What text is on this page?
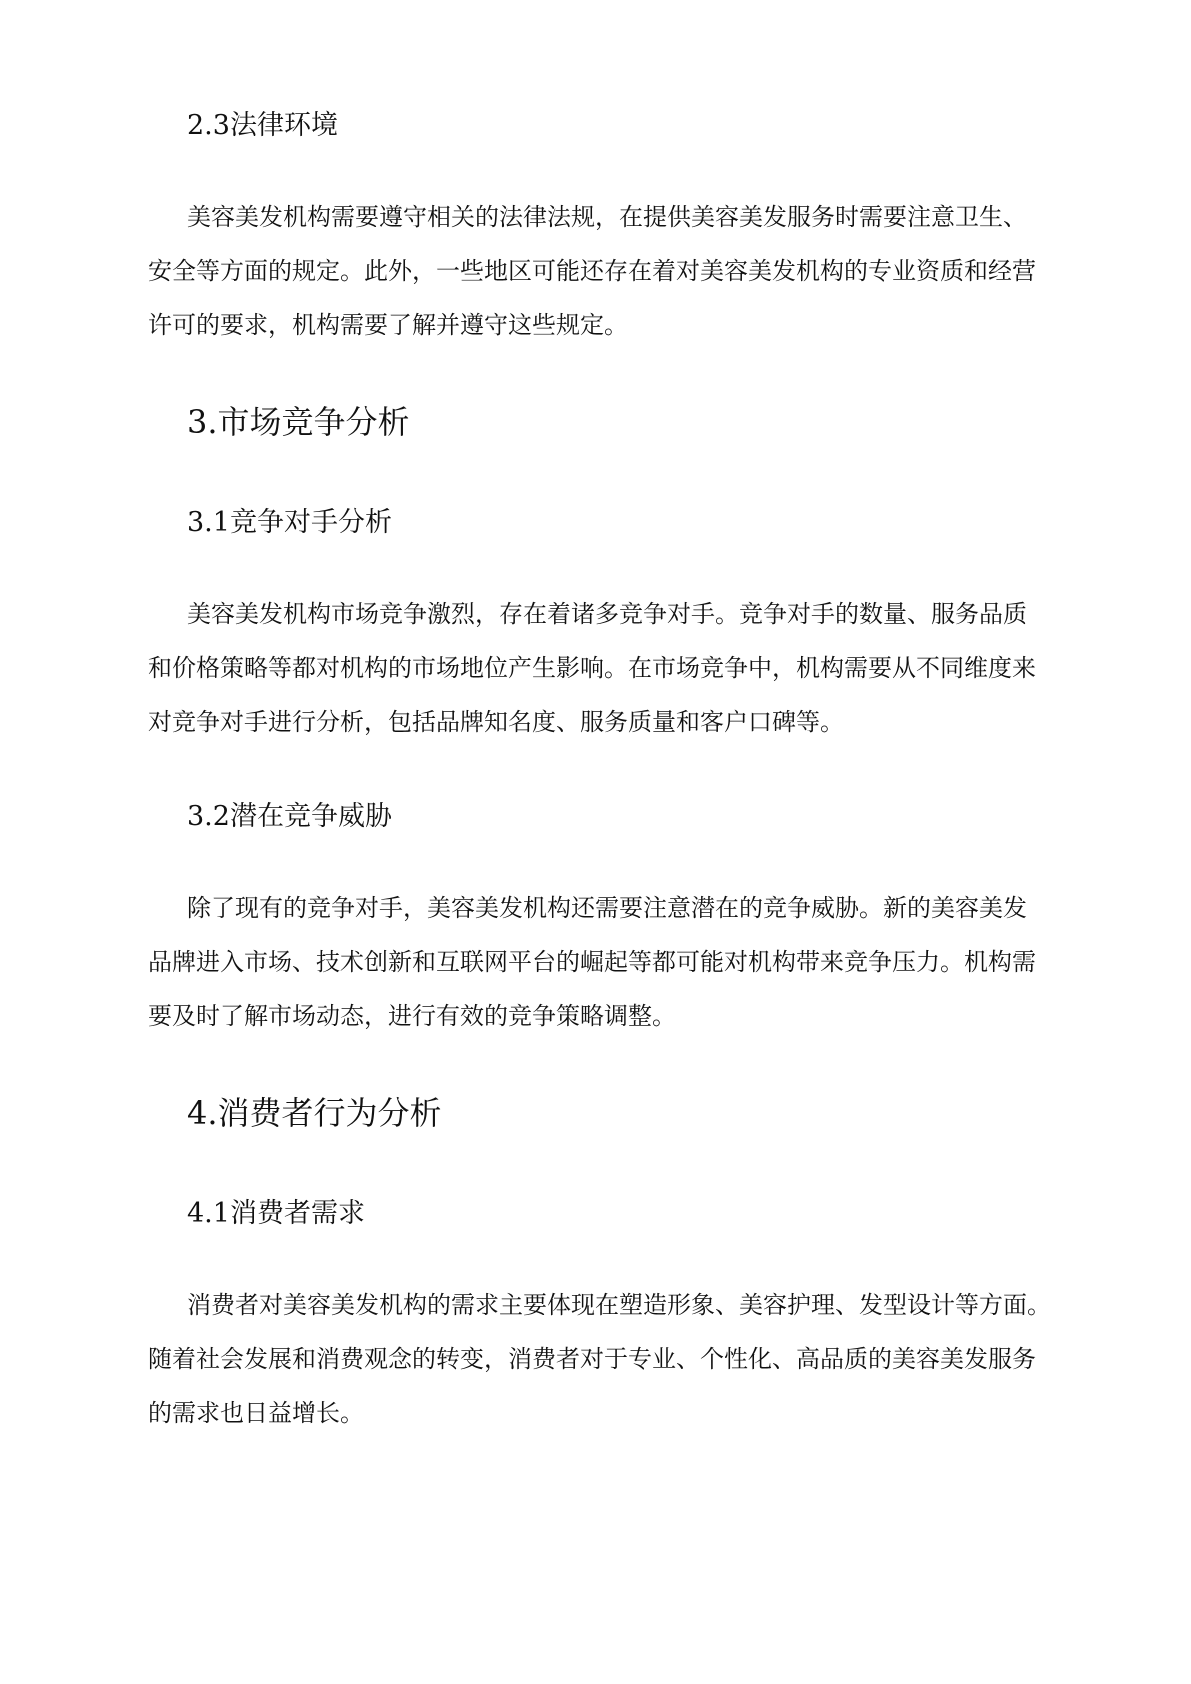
2.3法律环境
美容美发机构需要遵守相关的法律法规，在提供美容美发服务时需要注意卫生、
安全等方面的规定。此外，一些地区可能还存在着对美容美发机构的专业资质和经营
许可的要求，机构需要了解并遵守这些规定。
3.市场竞争分析
3.1竞争对手分析
美容美发机构市场竞争激烈，存在着诸多竞争对手。竞争对手的数量、服务品质
和价格策略等都对机构的市场地位产生影响。在市场竞争中，机构需要从不同维度来
对竞争对手进行分析，包括品牌知名度、服务质量和客户口碑等。
3.2潜在竞争威胁
除了现有的竞争对手，美容美发机构还需要注意潜在的竞争威胁。新的美容美发
品牌进入市场、技术创新和互联网平台的崛起等都可能对机构带来竞争压力。机构需
要及时了解市场动态，进行有效的竞争策略调整。
4.消费者行为分析
4.1消费者需求
消费者对美容美发机构的需求主要体现在塑造形象、美容护理、发型设计等方面。
随着社会发展和消费观念的转变，消费者对于专业、个性化、高品质的美容美发服务
的需求也日益增长。
